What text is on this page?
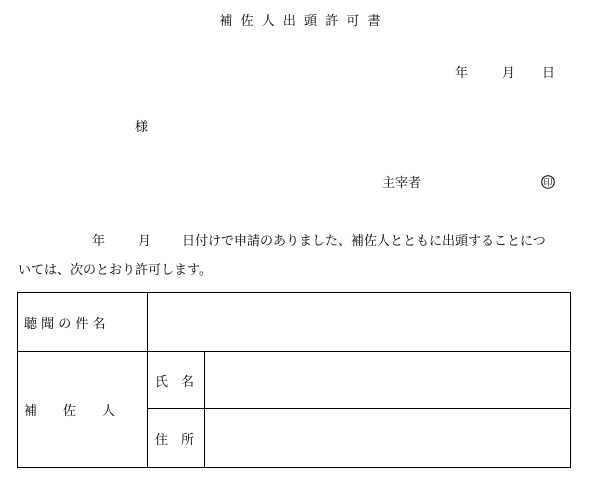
補 佐 人 出 頭 許 可 書
年	月 日
様
主宰者	印
年	月 日付けで申請のありました、補佐人とともに出頭することにつ
いては、次のとおり許可します。
聴 聞 の 件 名		
補　　佐　　人	氏　名	
	住　所	
